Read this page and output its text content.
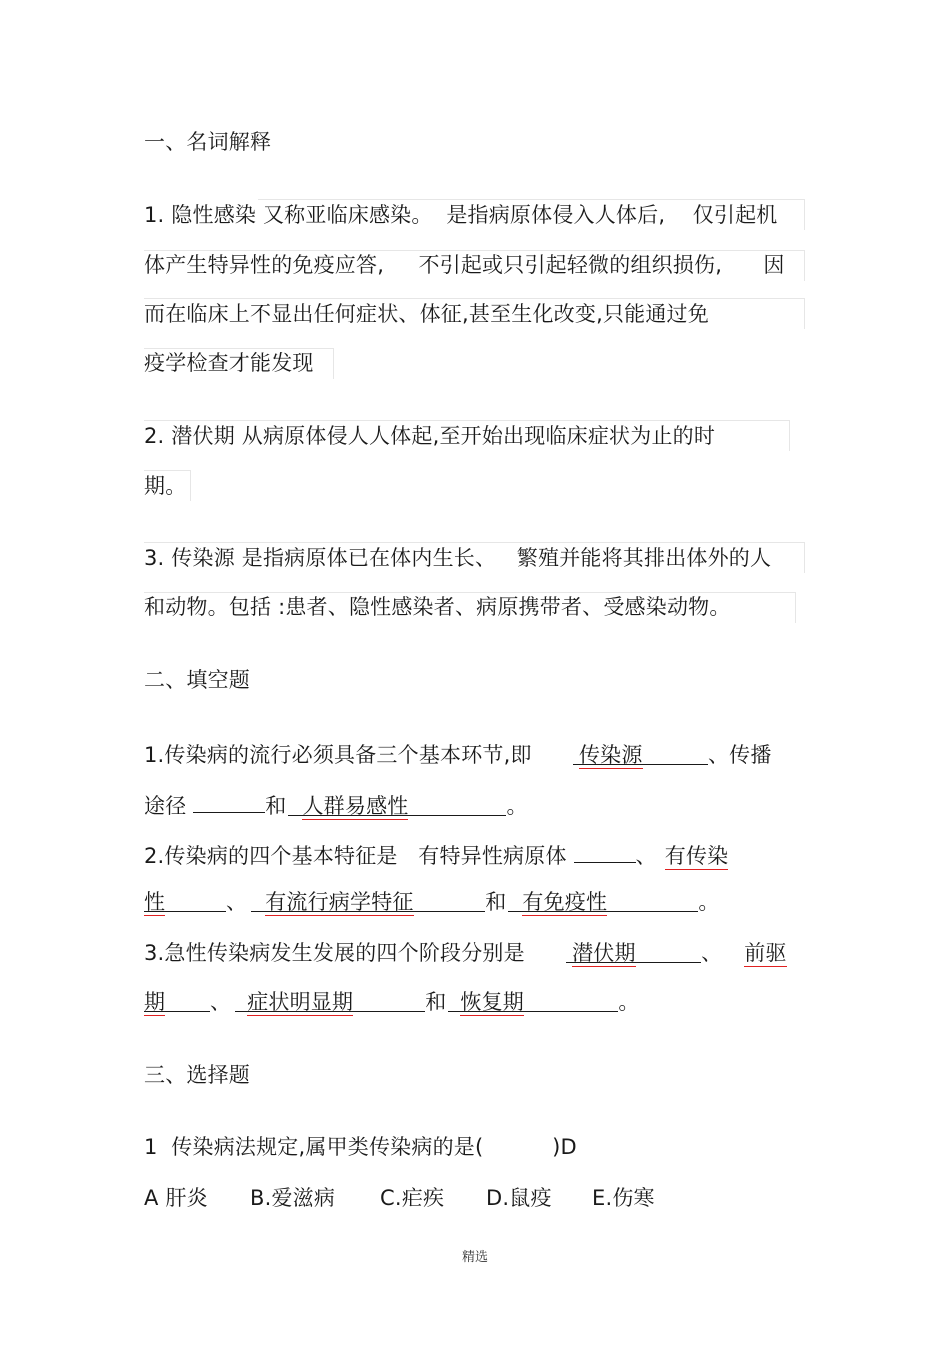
一、名词解释
1. 隐性感染 又称亚临床感染。  是指病原体侵入人体后,    仅引起机
体产生特异性的免疫应答,     不引起或只引起轻微的组织损伤,      因
而在临床上不显出任何症状、体征,甚至生化改变,只能通过免
疫学检查才能发现
2. 潜伏期 从病原体侵人人体起,至开始出现临床症状为止的时
期。
3. 传染源 是指病原体已在体内生长、   繁殖并能将其排出体外的人
和动物。包括 :患者、隐性感染者、病原携带者、受感染动物。
二、填空题
1.传染病的流行必须具备三个基本环节,即      传染源	、传播
途径	和 人群易感性	。
2.传染病的四个基本特征是   有特异性病原体	、 有传染
性	、 有流行病学特征	和 有免疫性	。
3.急性传染病发生发展的四个阶段分别是      潜伏期	、 前驱
期 、 症状明显期	和 恢复期	。
三、选择题
1  传染病法规定,属甲类传染病的是(          )D
A 肝炎 B.爱滋病 C.疟疾 D.鼠疫 E.伤寒
精选
